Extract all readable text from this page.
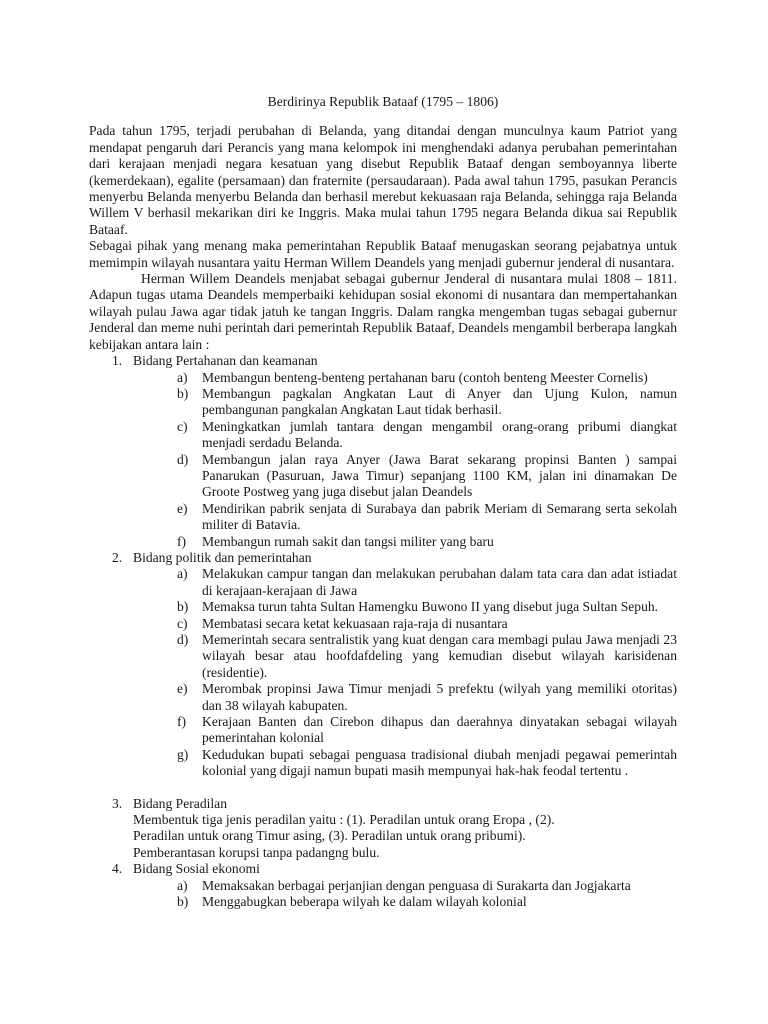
Berdirinya Republik Bataaf (1795 – 1806)

Pada tahun 1795, terjadi perubahan di Belanda, yang ditandai dengan munculnya kaum Patriot yang mendapat pengaruh dari Perancis yang mana kelompok ini menghendaki adanya perubahan pemerintahan dari kerajaan menjadi negara kesatuan yang disebut Republik Bataaf dengan semboyannya liberte (kemerdekaan), egalite (persamaan) dan fraternite (persaudaraan). Pada awal tahun 1795, pasukan Perancis menyerbu Belanda menyerbu Belanda dan berhasil merebut kekuasaan raja Belanda, sehingga raja Belanda Willem V berhasil mekarikan diri ke Inggris. Maka mulai tahun 1795 negara Belanda dikua sai Republik Bataaf.

Sebagai pihak yang menang maka pemerintahan Republik Bataaf menugaskan seorang pejabatnya untuk memimpin wilayah nusantara yaitu Herman Willem Deandels yang menjadi gubernur jenderal di nusantara.

Herman Willem Deandels menjabat sebagai gubernur Jenderal di nusantara mulai 1808 – 1811. Adapun tugas utama Deandels memperbaiki kehidupan sosial ekonomi di nusantara dan mempertahankan wilayah pulau Jawa agar tidak jatuh ke tangan Inggris. Dalam rangka mengemban tugas sebagai gubernur Jenderal dan meme nuhi perintah dari pemerintah Republik Bataaf, Deandels mengambil berberapa langkah kebijakan antara lain :

1. Bidang Pertahanan dan keamanan
a) Membangun benteng-benteng pertahanan baru (contoh benteng Meester Cornelis)
b) Membangun pagkalan Angkatan Laut di Anyer dan Ujung Kulon, namun pembangunan pangkalan Angkatan Laut tidak berhasil.
c) Meningkatkan jumlah tantara dengan mengambil orang-orang pribumi diangkat menjadi serdadu Belanda.
d) Membangun jalan raya Anyer (Jawa Barat sekarang propinsi Banten ) sampai Panarukan (Pasuruan, Jawa Timur) sepanjang 1100 KM, jalan ini dinamakan De Groote Postweg yang juga disebut jalan Deandels
e) Mendirikan pabrik senjata di Surabaya dan pabrik Meriam di Semarang serta sekolah militer di Batavia.
f) Membangun rumah sakit dan tangsi militer yang baru
2. Bidang politik dan pemerintahan
a) Melakukan campur tangan dan melakukan perubahan dalam tata cara dan adat istiadat di kerajaan-kerajaan di Jawa
b) Memaksa turun tahta Sultan Hamengku Buwono II yang disebut juga Sultan Sepuh.
c) Membatasi secara ketat kekuasaan raja-raja di nusantara
d) Memerintah secara sentralistik yang kuat dengan cara membagi pulau Jawa menjadi 23 wilayah besar atau hoofdafdeling yang kemudian disebut wilayah karisidenan (residentie).
e) Merombak propinsi Jawa Timur menjadi 5 prefektu (wilyah yang memiliki otoritas) dan 38 wilayah kabupaten.
f) Kerajaan Banten dan Cirebon dihapus dan daerahnya dinyatakan sebagai wilayah pemerintahan kolonial
g) Kedudukan bupati sebagai penguasa tradisional diubah menjadi pegawai pemerintah kolonial yang digaji namun bupati masih mempunyai hak-hak feodal tertentu .
3. Bidang Peradilan

Membentuk tiga jenis peradilan yaitu : (1). Peradilan untuk orang Eropa , (2). Peradilan untuk orang Timur asing, (3). Peradilan untuk orang pribumi). Pemberantasan korupsi tanpa padangng bulu.

4. Bidang Sosial ekonomi
a) Memaksakan berbagai perjanjian dengan penguasa di Surakarta dan Jogjakarta
b) Menggabugkan beberapa wilyah ke dalam wilayah kolonial
